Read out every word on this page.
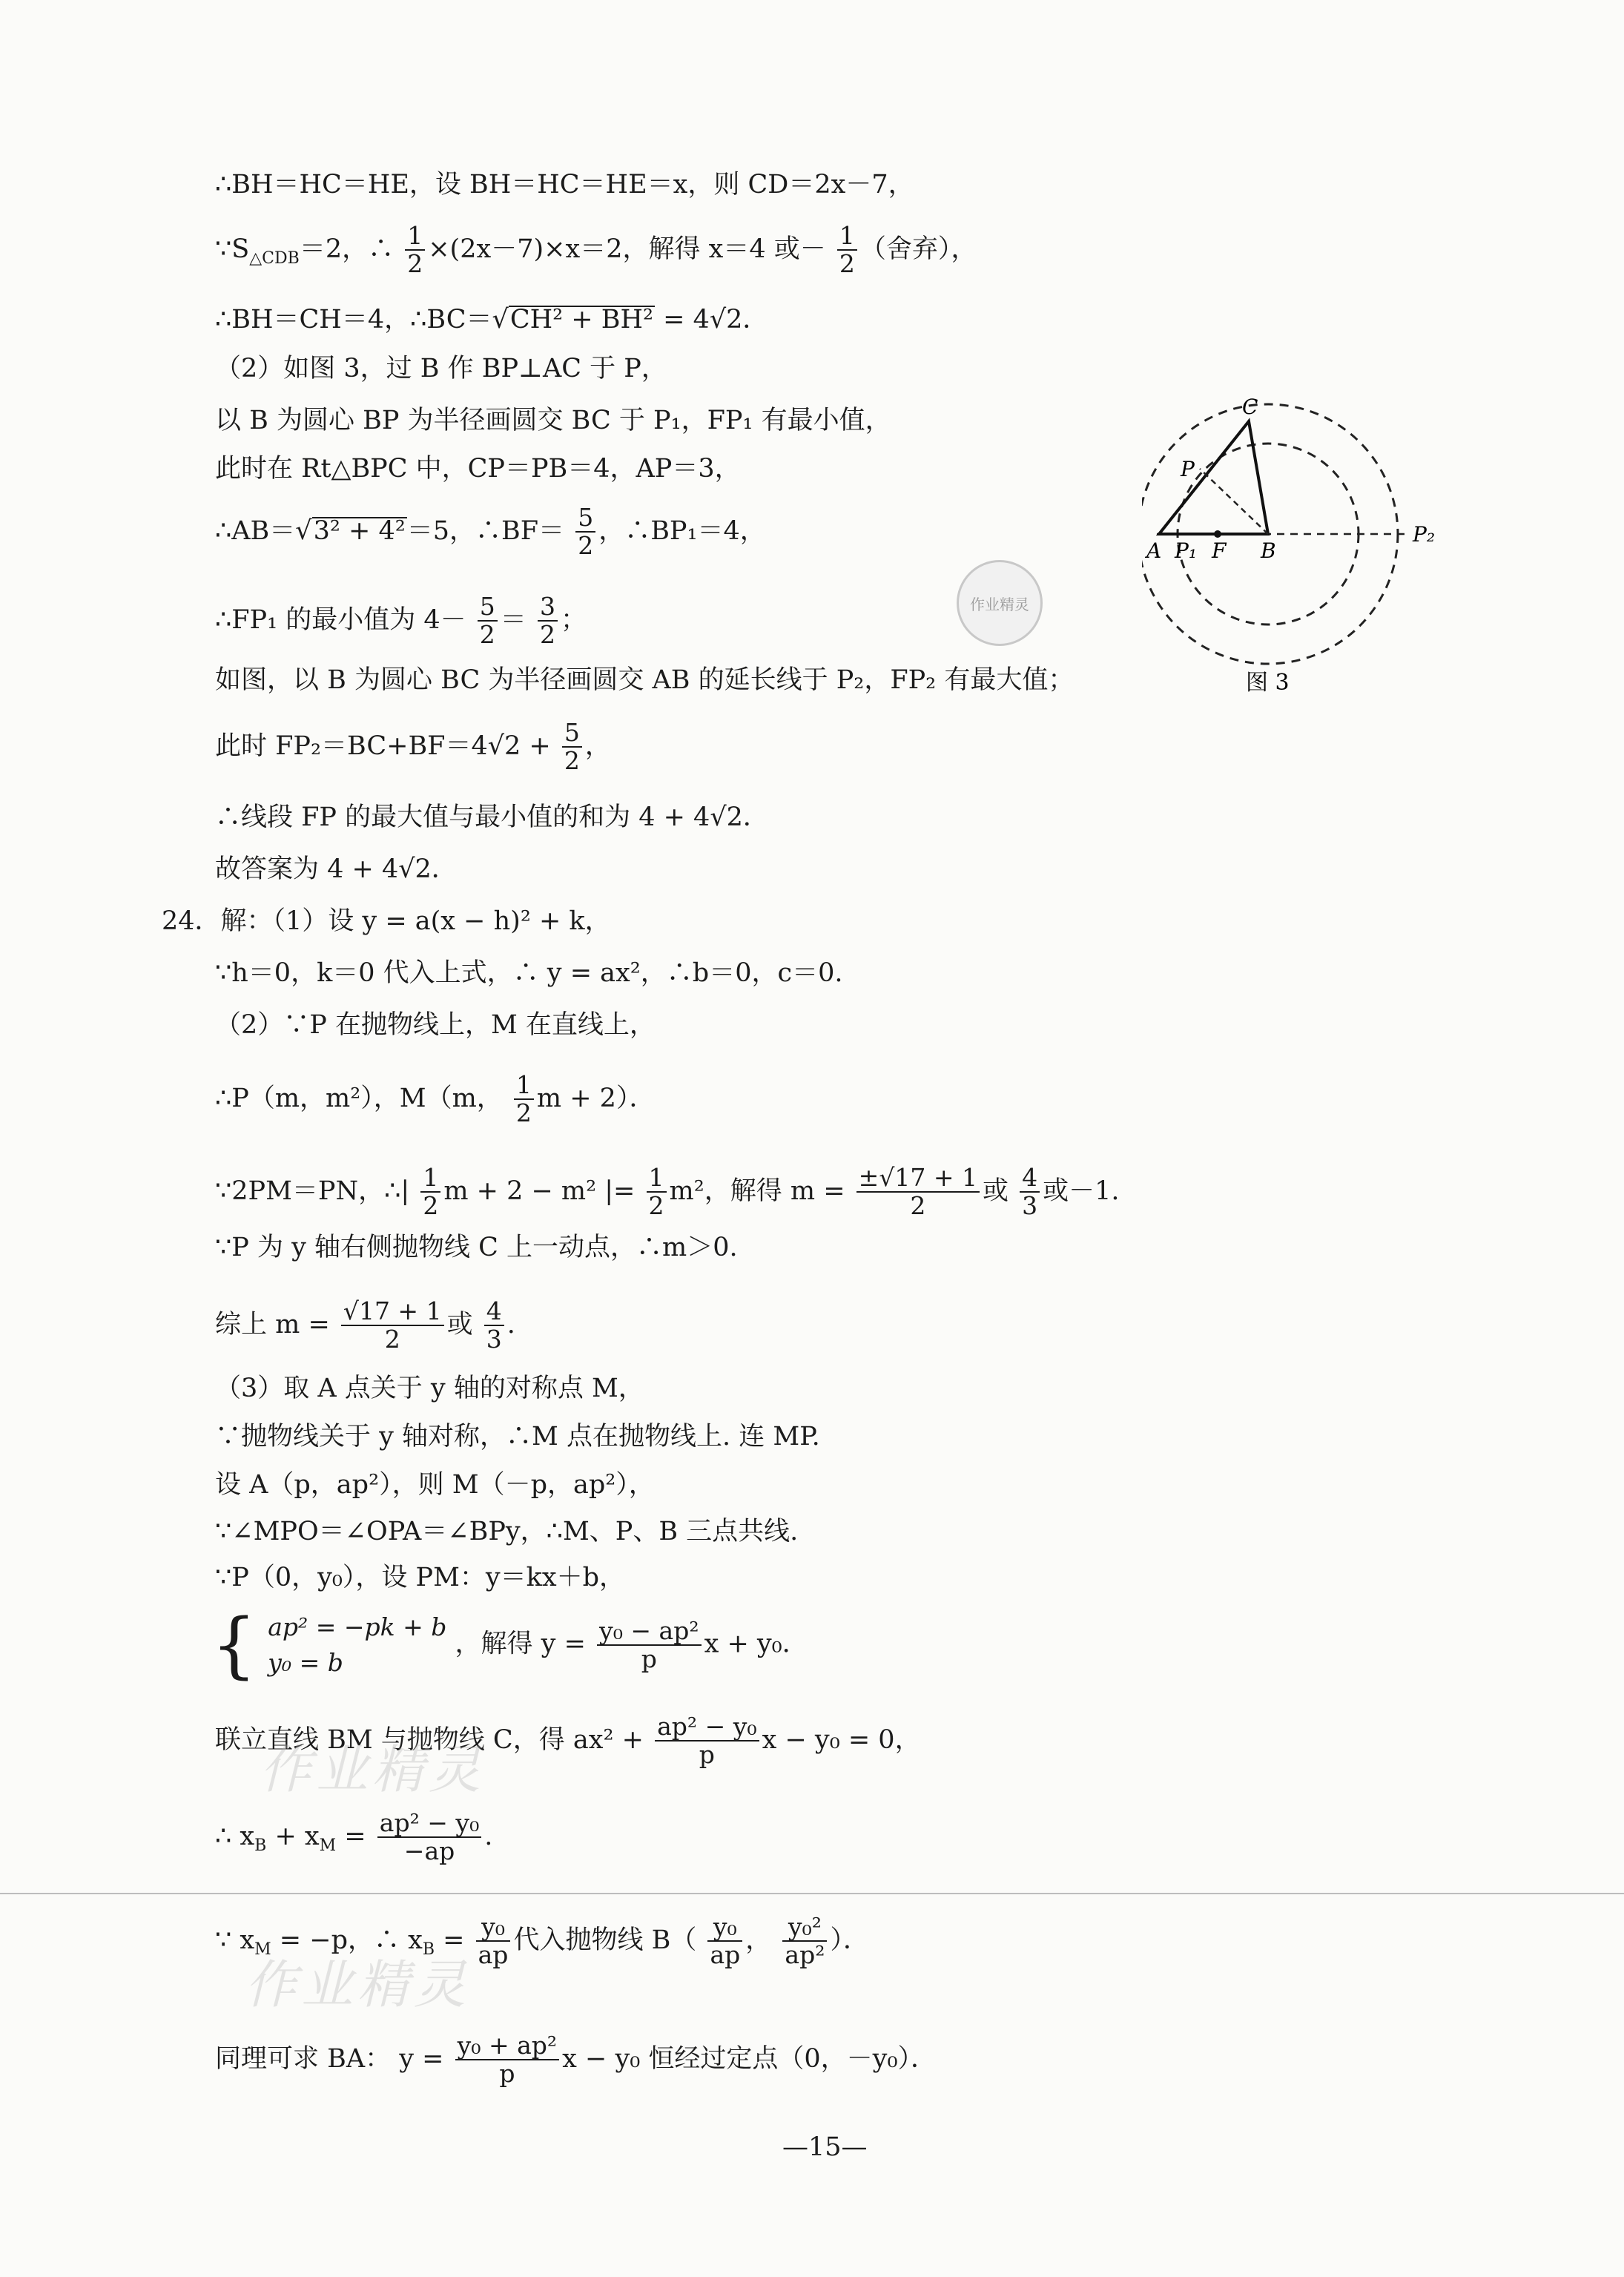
∴BH＝HC＝HE，设 BH＝HC＝HE＝x，则 CD＝2x－7，
$\because S_{\triangle CDB}=2$，∴ $\frac{1}{2} \times(2x-7)\times x=2$，解得 x＝4 或－ $\frac{1}{2}$ （舍弃），
∴BH＝CH＝4，∴BC＝√CH² + BH² = 4√2．
（2）如图 3，过 B 作 BP⊥AC 于 P，
以 B 为圆心 BP 为半径画圆交 BC 于 P₁，FP₁ 有最小值，
此时在 Rt△BPC 中，CP＝PB＝4，AP＝3，
∴AB＝√3² + 4²＝5，∴BF＝ $\frac{5}{2}$ ，∴BP₁＝4，
∴FP₁ 的最小值为 $4- \frac{5}{2} = \frac{3}{2}$ ；
如图，以 B 为圆心 BC 为半径画圆交 AB 的延长线于 P₂，FP₂ 有最大值；
此时 $FP_2=BC+BF=4√2 + \frac{5}{2}$ ，
∴线段 FP 的最大值与最小值的和为 4 + 4√2．
故答案为 4 + 4√2．
24．解：（1）设 y = a(x − h)² + k，
∵h＝0，k＝0 代入上式，∴ y = ax²，∴b＝0，c＝0.
（2）∵P 在抛物线上，M 在直线上，
∴P（m，m²），M（m， $\frac{1}{2}$ m + 2）．
∵2PM＝PN，∴| $\frac{1}{2}$ m + 2 − m² |= $\frac{1}{2} m^2$，解得 $m = \frac{\pm√17 + 1}{2}$ 或 $\frac{4}{3}$ 或－1.
∵P 为 y 轴右侧抛物线 C 上一动点，∴m＞0.
综上 $m = \frac{√17 + 1}{2}$ 或 $\frac{4}{3}$ .
（3）取 A 点关于 y 轴的对称点 M，
∵抛物线关于 y 轴对称，∴M 点在抛物线上. 连 MP.
设 A（p，ap²），则 M（－p，ap²），
∵∠MPO＝∠OPA＝∠BPy，∴M、P、B 三点共线.
∵P（0，y₀），设 PM：y＝kx＋b，
{ ap² = −pk + b
y₀ = b
，解得 $y = \frac{\text{y₀ − ap²}}{p}$ x + y₀．
联立直线 BM 与抛物线 C，得 $ax^2 + \frac{\text{ap² − y₀}}{p}$ x − y₀ = 0，
∴ $x_B + x_M = \frac{\text{ap² − y₀}}{-ap}$ .
∵ $x_M = -p$，∴ $x_B = \frac{\text{y₀}}{ap}$ 代入抛物线 $B( \frac{\text{y₀}}{ap}$ ， $\frac{\text{y₀²}}{\text{ap²}}$ ）．
同理可求 BA： $y = \frac{\text{y₀ + ap²}}{p}$ x − y₀ 恒经过定点（0，－y₀）．
—15—
作业精灵
作业精灵
作业精灵
C
P
A P₁ F B
P₂
图 3
